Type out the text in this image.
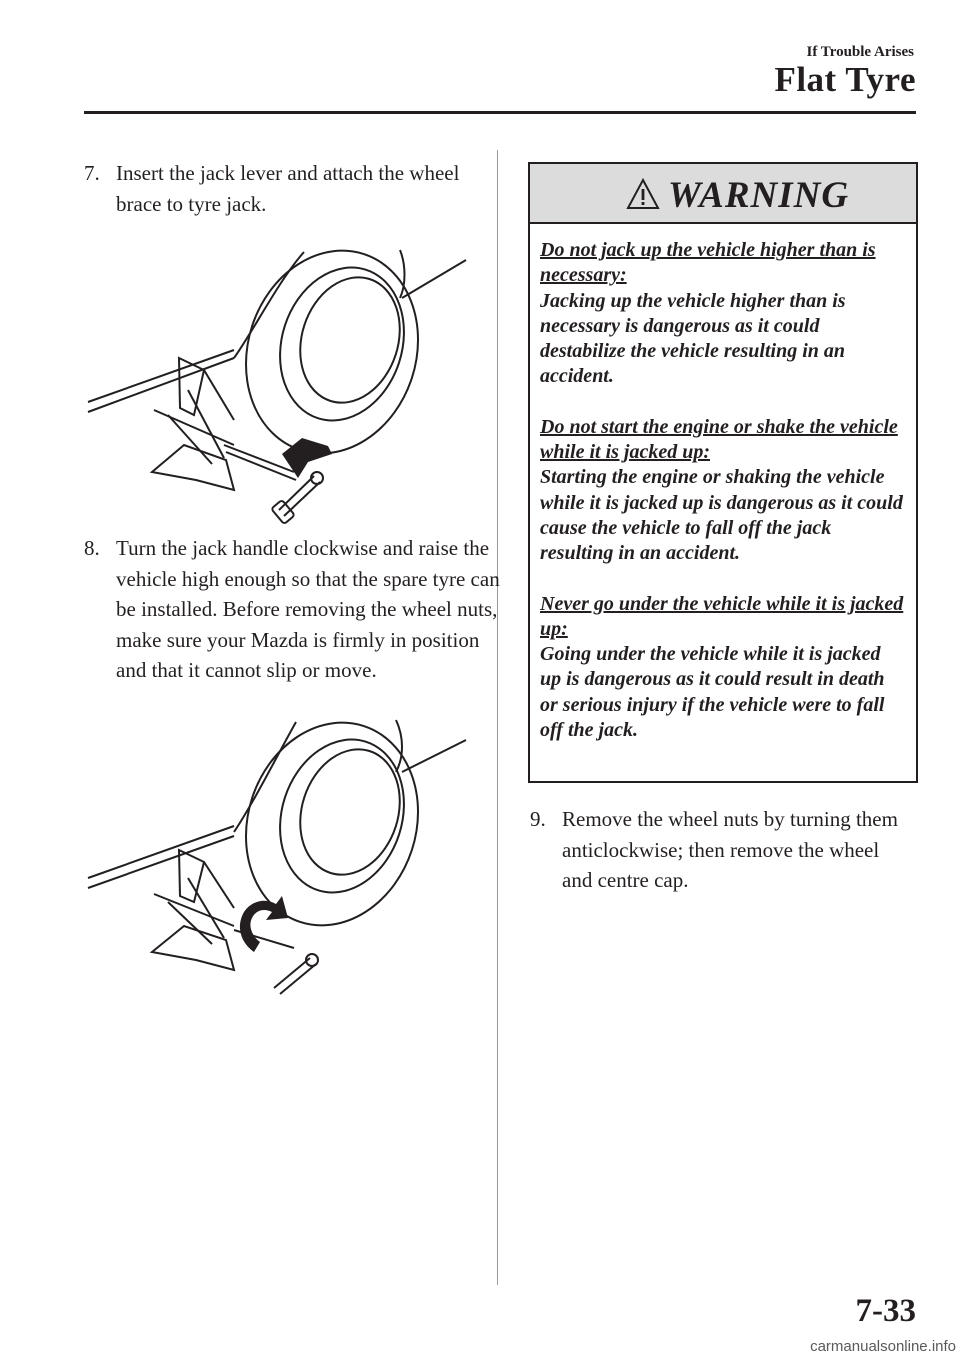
If Trouble Arises
Flat Tyre
7. Insert the jack lever and attach the wheel brace to tyre jack.
8. Turn the jack handle clockwise and raise the vehicle high enough so that the spare tyre can be installed. Before removing the wheel nuts, make sure your Mazda is firmly in position and that it cannot slip or move.
WARNING
Do not jack up the vehicle higher than is necessary:
Jacking up the vehicle higher than is necessary is dangerous as it could destabilize the vehicle resulting in an accident.
Do not start the engine or shake the vehicle while it is jacked up:
Starting the engine or shaking the vehicle while it is jacked up is dangerous as it could cause the vehicle to fall off the jack resulting in an accident.
Never go under the vehicle while it is jacked up:
Going under the vehicle while it is jacked up is dangerous as it could result in death or serious injury if the vehicle were to fall off the jack.
9. Remove the wheel nuts by turning them anticlockwise; then remove the wheel and centre cap.
7-33
carmanualsonline.info
